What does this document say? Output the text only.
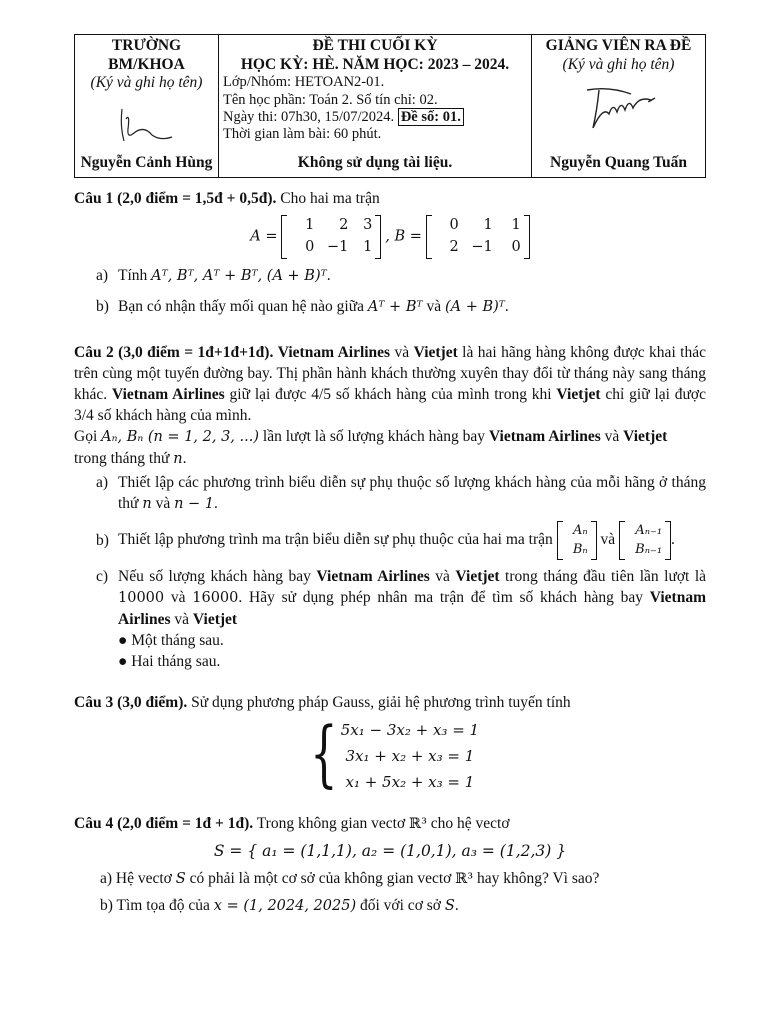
TRƯỜNG
BM/KHOA
(Ký và ghi họ tên)
Nguyễn Cảnh Hùng

ĐỀ THI CUỐI KỲ
HỌC KỲ: HÈ. NĂM HỌC: 2023 – 2024.
Lớp/Nhóm: HETOAN2-01.
Tên học phần: Toán 2. Số tín chỉ: 02.
Ngày thi: 07h30, 15/07/2024. Đề số: 01.
Thời gian làm bài: 60 phút.
Không sử dụng tài liệu.

GIẢNG VIÊN RA ĐỀ
(Ký và ghi họ tên)
Nguyễn Quang Tuấn
Câu 1 (2,0 điểm = 1,5đ + 0,5đ). Cho hai ma trận
A =
1	2	3
0 −1	1
, B =
0	1	1
2 −1	0
a) Tính Aᵀ, Bᵀ, Aᵀ + Bᵀ, (A + B)ᵀ.
b) Bạn có nhận thấy mối quan hệ nào giữa Aᵀ + Bᵀ và (A + B)ᵀ.
Câu 2 (3,0 điểm = 1đ+1đ+1đ). Vietnam Airlines và Vietjet là hai hãng hàng không được khai thác trên cùng một tuyến đường bay. Thị phần hành khách thường xuyên thay đổi từ tháng này sang tháng khác. Vietnam Airlines giữ lại được 4/5 số khách hàng của mình trong khi Vietjet chỉ giữ lại được 3/4 số khách hàng của mình.
Gọi Aₙ, Bₙ (n = 1, 2, 3, ...) lần lượt là số lượng khách hàng bay Vietnam Airlines và Vietjet
trong tháng thứ n.
a) Thiết lập các phương trình biểu diễn sự phụ thuộc số lượng khách hàng của mỗi hãng ở tháng thứ n và n − 1.
b) Thiết lập phương trình ma trận biểu diễn sự phụ thuộc của hai ma trận
Aₙ
Bₙ
và
Aₙ₋₁
Bₙ₋₁
.
c) Nếu số lượng khách hàng bay Vietnam Airlines và Vietjet trong tháng đầu tiên lần lượt là 10000 và 16000. Hãy sử dụng phép nhân ma trận để tìm số khách hàng bay Vietnam Airlines và Vietjet
● Một tháng sau.
● Hai tháng sau.
Câu 3 (3,0 điểm). Sử dụng phương pháp Gauss, giải hệ phương trình tuyến tính
{ 5x₁ − 3x₂ + x₃ = 1
3x₁ + x₂ + x₃ = 1
x₁ + 5x₂ + x₃ = 1
Câu 4 (2,0 điểm = 1đ + 1đ). Trong không gian vectơ ℝ³ cho hệ vectơ
S = { a₁ = (1,1,1), a₂ = (1,0,1), a₃ = (1,2,3) }
a) Hệ vectơ S có phải là một cơ sở của không gian vectơ ℝ³ hay không? Vì sao?
b) Tìm tọa độ của x = (1, 2024, 2025) đối với cơ sở S.
